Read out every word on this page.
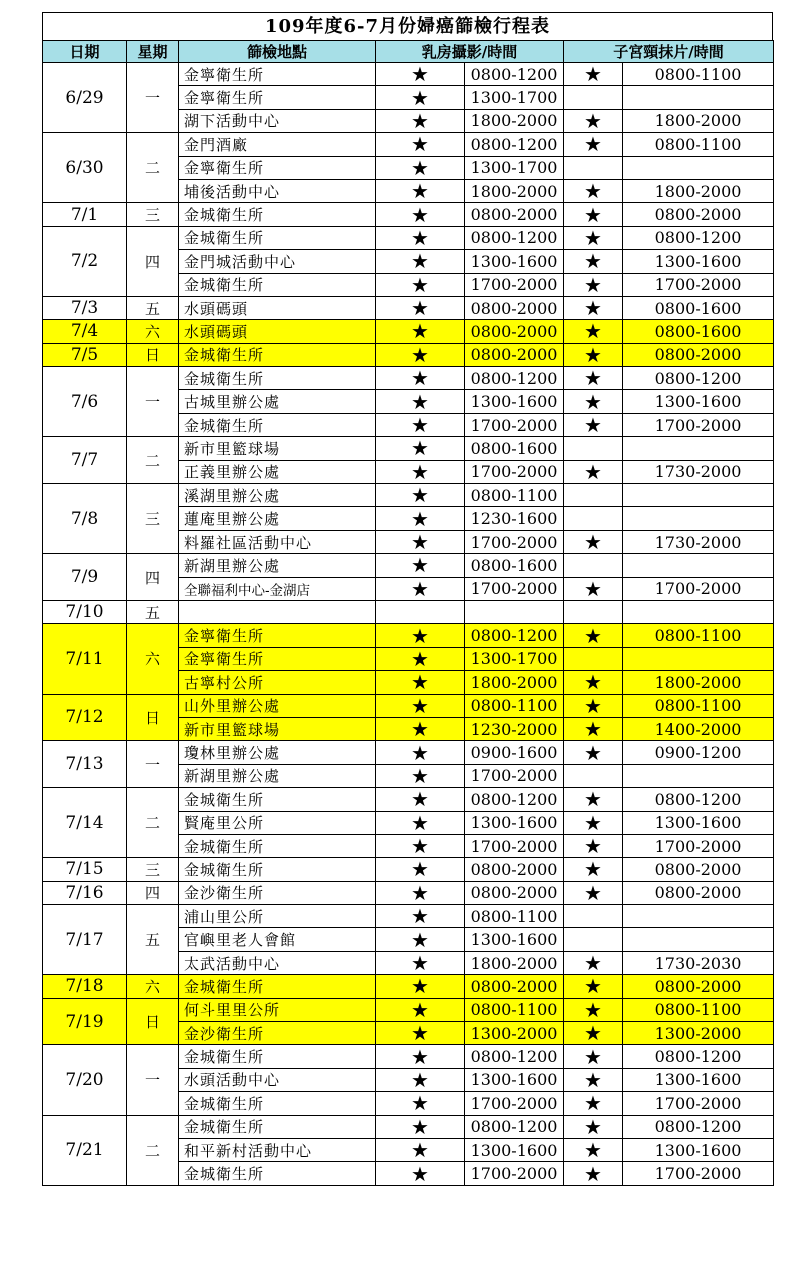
109年度6-7月份婦癌篩檢行程表
日期	星期	篩檢地點	乳房攝影/時間		子宮頸抹片/時間	
6/29	一	金寧衛生所	★	0800-1200	★	0800-1100
		金寧衛生所	★	1300-1700		
		湖下活動中心	★	1800-2000	★	1800-2000
6/30	二	金門酒廠	★	0800-1200	★	0800-1100
		金寧衛生所	★	1300-1700		
		埔後活動中心	★	1800-2000	★	1800-2000
7/1	三	金城衛生所	★	0800-2000	★	0800-2000
7/2	四	金城衛生所	★	0800-1200	★	0800-1200
		金門城活動中心	★	1300-1600	★	1300-1600
		金城衛生所	★	1700-2000	★	1700-2000
7/3	五	水頭碼頭	★	0800-2000	★	0800-1600
7/4	六	水頭碼頭	★	0800-2000	★	0800-1600
7/5	日	金城衛生所	★	0800-2000	★	0800-2000
7/6	一	金城衛生所	★	0800-1200	★	0800-1200
		古城里辦公處	★	1300-1600	★	1300-1600
		金城衛生所	★	1700-2000	★	1700-2000
7/7	二	新市里籃球場	★	0800-1600		
		正義里辦公處	★	1700-2000	★	1730-2000
7/8	三	溪湖里辦公處	★	0800-1100		
		蓮庵里辦公處	★	1230-1600		
		料羅社區活動中心	★	1700-2000	★	1730-2000
7/9	四	新湖里辦公處	★	0800-1600		
		全聯福利中心-金湖店	★	1700-2000	★	1700-2000
7/10	五					
7/11	六	金寧衛生所	★	0800-1200	★	0800-1100
		金寧衛生所	★	1300-1700		
		古寧村公所	★	1800-2000	★	1800-2000
7/12	日	山外里辦公處	★	0800-1100	★	0800-1100
		新市里籃球場	★	1230-2000	★	1400-2000
7/13	一	瓊林里辦公處	★	0900-1600	★	0900-1200
		新湖里辦公處	★	1700-2000		
7/14	二	金城衛生所	★	0800-1200	★	0800-1200
		賢庵里公所	★	1300-1600	★	1300-1600
		金城衛生所	★	1700-2000	★	1700-2000
7/15	三	金城衛生所	★	0800-2000	★	0800-2000
7/16	四	金沙衛生所	★	0800-2000	★	0800-2000
7/17	五	浦山里公所	★	0800-1100		
		官嶼里老人會館	★	1300-1600		
		太武活動中心	★	1800-2000	★	1730-2030
7/18	六	金城衛生所	★	0800-2000	★	0800-2000
7/19	日	何斗里里公所	★	0800-1100	★	0800-1100
		金沙衛生所	★	1300-2000	★	1300-2000
7/20	一	金城衛生所	★	0800-1200	★	0800-1200
		水頭活動中心	★	1300-1600	★	1300-1600
		金城衛生所	★	1700-2000	★	1700-2000
7/21	二	金城衛生所	★	0800-1200	★	0800-1200
		和平新村活動中心	★	1300-1600	★	1300-1600
		金城衛生所	★	1700-2000	★	1700-2000
